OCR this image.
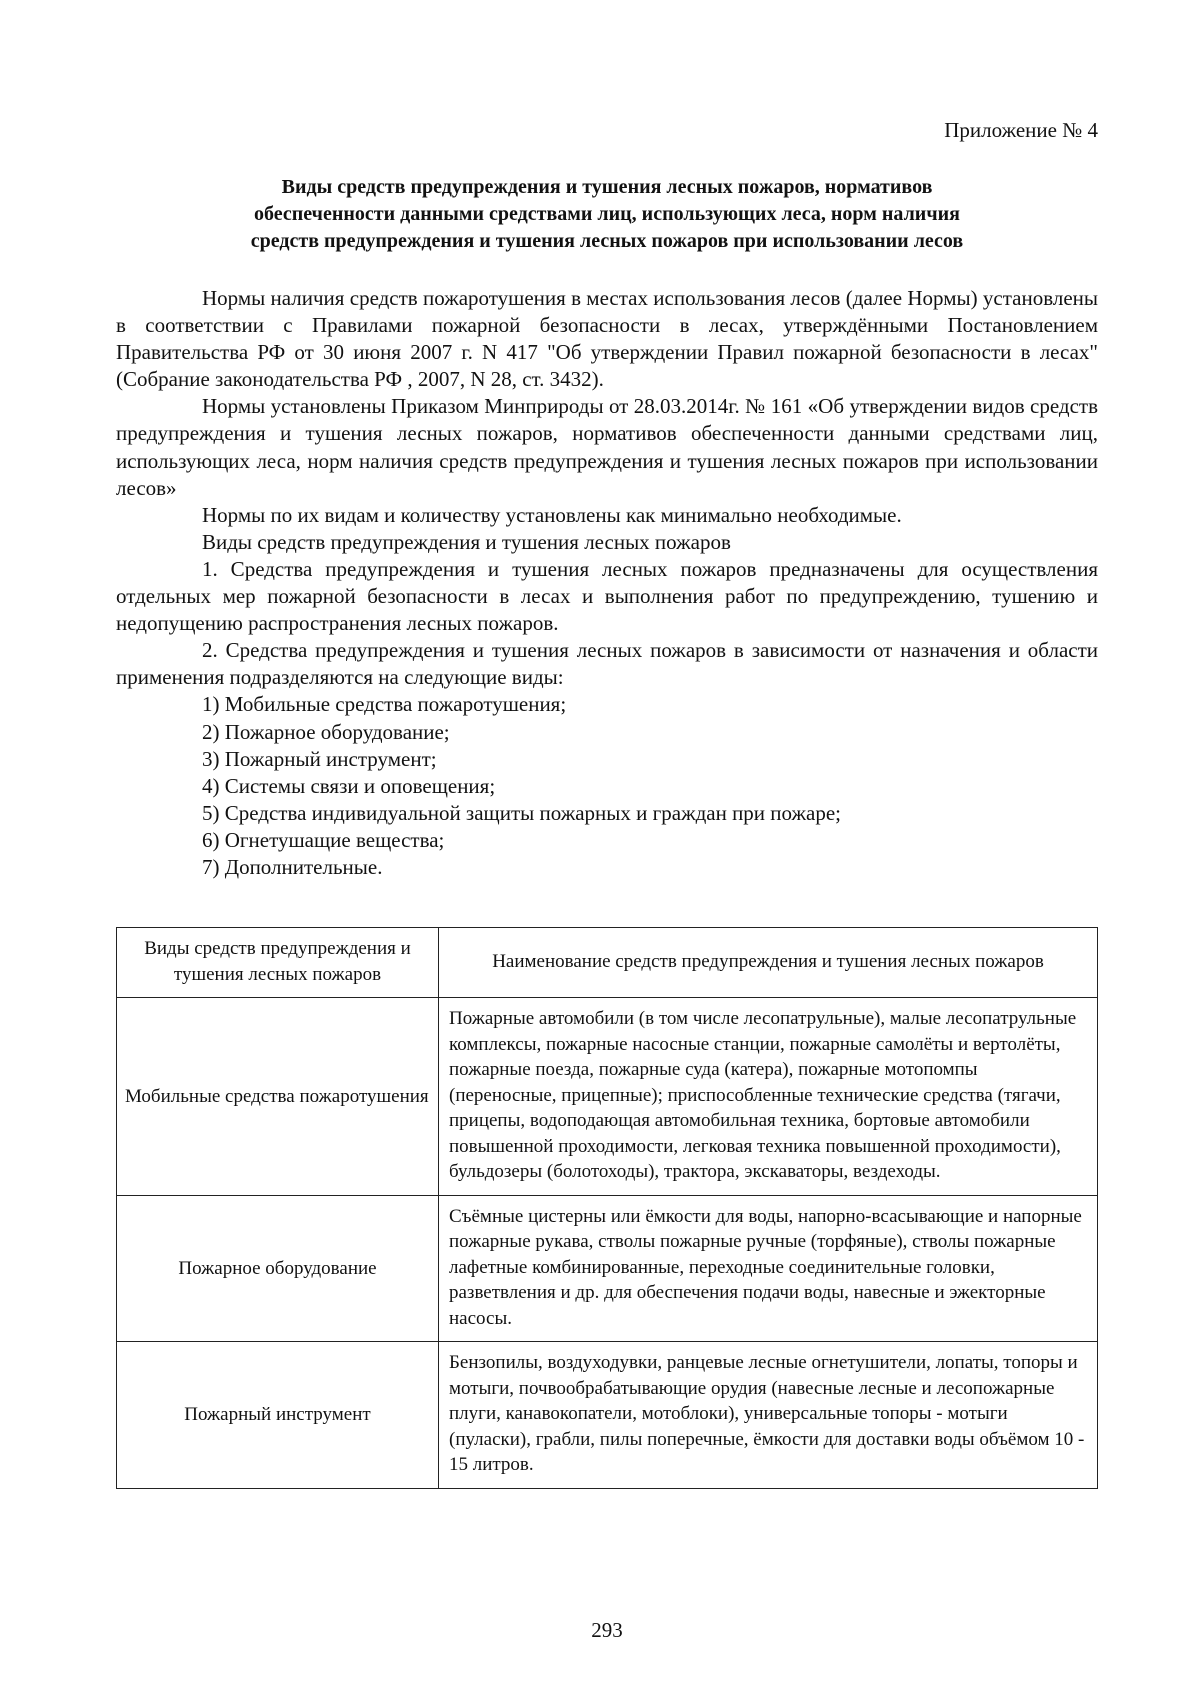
Приложение № 4
Виды средств предупреждения и тушения лесных пожаров, нормативов
обеспеченности данными средствами лиц, использующих леса, норм наличия
средств предупреждения и тушения лесных пожаров при использовании лесов

Нормы наличия средств пожаротушения в местах использования лесов (далее Нормы) установлены в соответствии с Правилами пожарной безопасности в лесах, утверждёнными Постановлением Правительства РФ от 30 июня 2007 г. N 417 "Об утверждении Правил пожарной безопасности в лесах" (Собрание законодательства РФ , 2007, N 28, ст. 3432).

Нормы установлены Приказом Минприроды от 28.03.2014г. № 161 «Об утверждении видов средств предупреждения и тушения лесных пожаров, нормативов обеспеченности данными средствами лиц, использующих леса, норм наличия средств предупреждения и тушения лесных пожаров при использовании лесов»

Нормы по их видам и количеству установлены как минимально необходимые.

Виды средств предупреждения и тушения лесных пожаров

1. Средства предупреждения и тушения лесных пожаров предназначены для осуществления отдельных мер пожарной безопасности в лесах и выполнения работ по предупреждению, тушению и недопущению распространения лесных пожаров.

2. Средства предупреждения и тушения лесных пожаров в зависимости от назначения и области применения подразделяются на следующие виды:

1) Мобильные средства пожаротушения;
2) Пожарное оборудование;
3) Пожарный инструмент;
4) Системы связи и оповещения;
5) Средства индивидуальной защиты пожарных и граждан при пожаре;
6) Огнетушащие вещества;
7) Дополнительные.
Виды средств предупреждения и тушения лесных пожаров	Наименование средств предупреждения и тушения лесных пожаров
Мобильные средства пожаротушения	Пожарные автомобили (в том числе лесопатрульные), малые лесопатрульные комплексы, пожарные насосные станции, пожарные самолёты и вертолёты, пожарные поезда, пожарные суда (катера), пожарные мотопомпы (переносные, прицепные); приспособленные технические средства (тягачи, прицепы, водоподающая автомобильная техника, бортовые автомобили повышенной проходимости, легковая техника повышенной проходимости), бульдозеры (болотоходы), трактора, экскаваторы, вездеходы.
Пожарное оборудование	Съёмные цистерны или ёмкости для воды, напорно-всасывающие и напорные пожарные рукава, стволы пожарные ручные (торфяные), стволы пожарные лафетные комбинированные, переходные соединительные головки, разветвления и др. для обеспечения подачи воды, навесные и эжекторные насосы.
Пожарный инструмент	Бензопилы, воздуходувки, ранцевые лесные огнетушители, лопаты, топоры и мотыги, почвообрабатывающие орудия (навесные лесные и лесопожарные плуги, канавокопатели, мотоблоки), универсальные топоры - мотыги (пуласки), грабли, пилы поперечные, ёмкости для доставки воды объёмом 10 - 15 литров.
293
